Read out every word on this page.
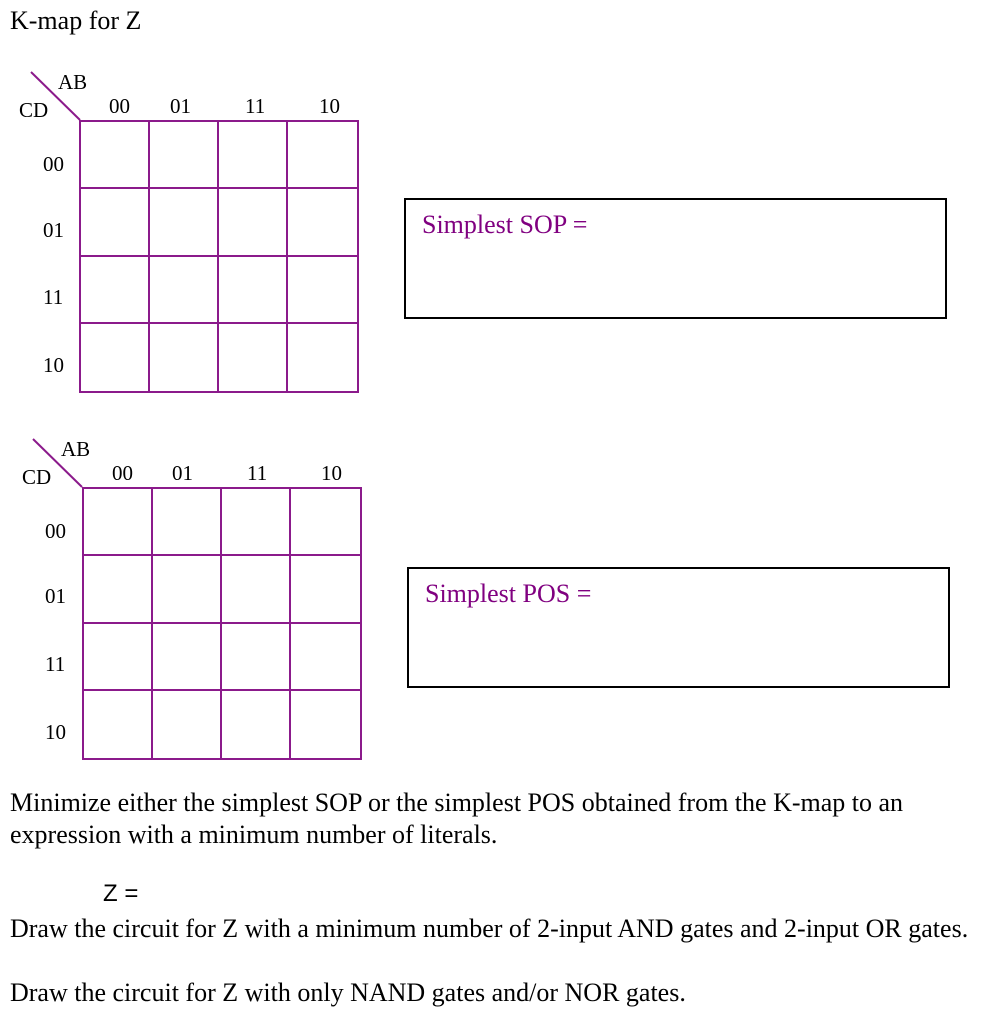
K-map for Z
AB
CD	00 01	11	10
00
01
11
10
Simplest SOP =
AB
CD	00 01	11	10
00
01
11
10
Simplest POS =
Minimize either the simplest SOP or the simplest POS obtained from the K-map to an expression with a minimum number of literals.
Z =
Draw the circuit for Z with a minimum number of 2-input AND gates and 2-input OR gates.
Draw the circuit for Z with only NAND gates and/or NOR gates.
